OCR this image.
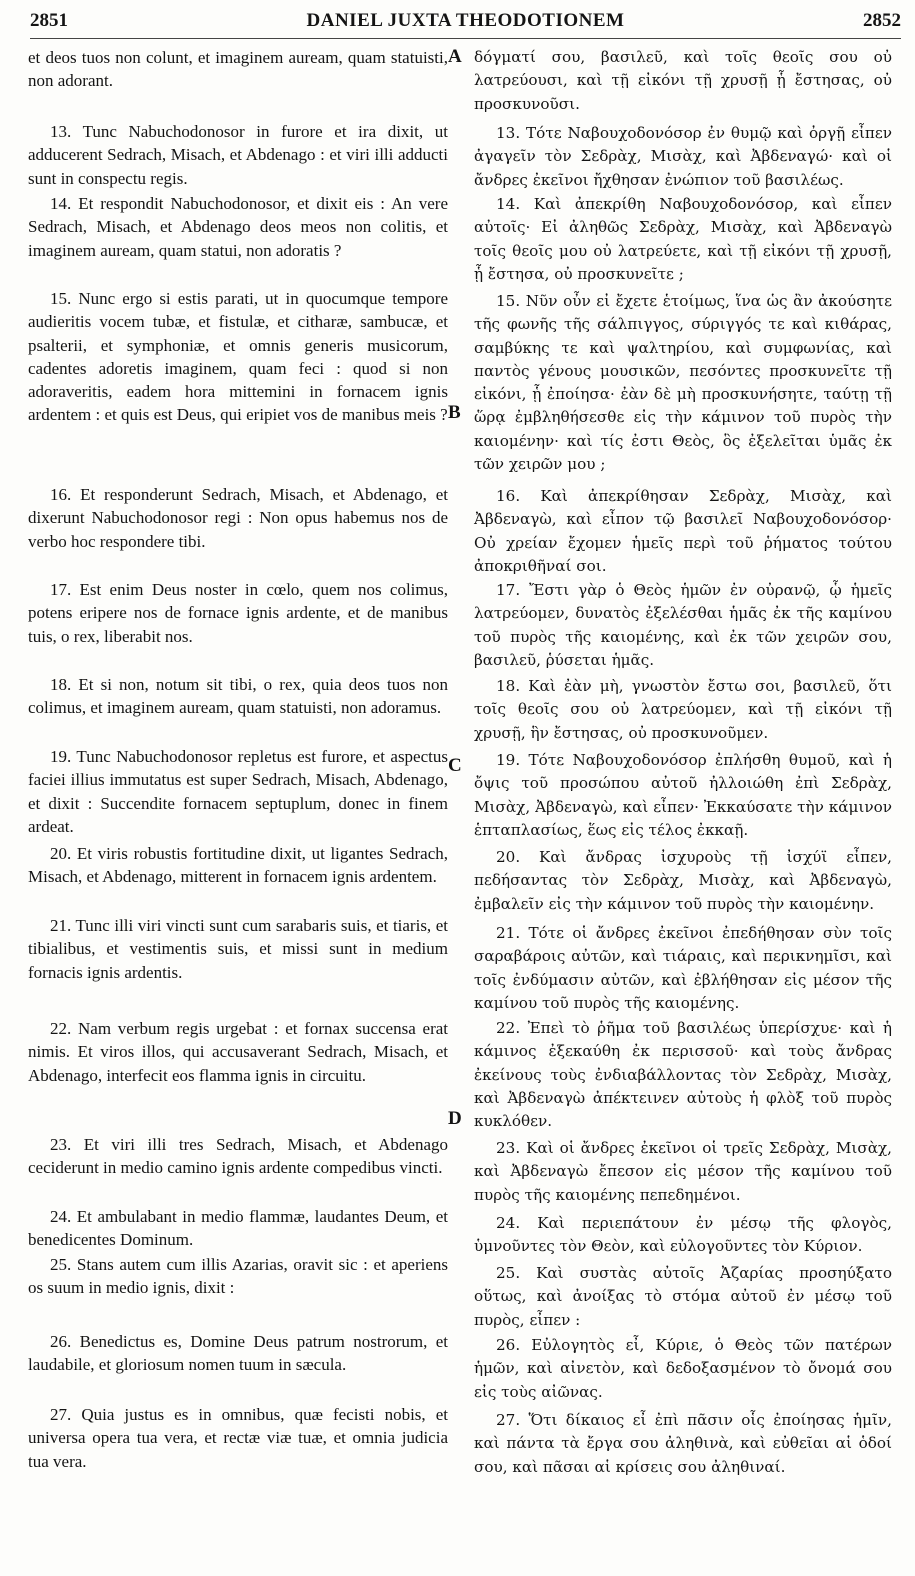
2851	DANIEL JUXTA THEODOTIONEM	2852
A
B
C
D

et deos tuos non colunt, et imaginem auream, quam statuisti, non adorant.

13. Tunc Nabuchodonosor in furore et ira dixit, ut adducerent Sedrach, Misach, et Abdenago : et viri illi adducti sunt in conspectu regis.

14. Et respondit Nabuchodonosor, et dixit eis : An vere Sedrach, Misach, et Abdenago deos meos non colitis, et imaginem auream, quam statui, non adoratis ?

15. Nunc ergo si estis parati, ut in quocumque tempore audieritis vocem tubæ, et fistulæ, et citharæ, sambucæ, et psalterii, et symphoniæ, et omnis generis musicorum, cadentes adoretis imaginem, quam feci : quod si non adoraveritis, eadem hora mittemini in fornacem ignis ardentem : et quis est Deus, qui eripiet vos de manibus meis ?

16. Et responderunt Sedrach, Misach, et Abdenago, et dixerunt Nabuchodonosor regi : Non opus habemus nos de verbo hoc respondere tibi.

17. Est enim Deus noster in cœlo, quem nos colimus, potens eripere nos de fornace ignis ardente, et de manibus tuis, o rex, liberabit nos.

18. Et si non, notum sit tibi, o rex, quia deos tuos non colimus, et imaginem auream, quam statuisti, non adoramus.

19. Tunc Nabuchodonosor repletus est furore, et aspectus faciei illius immutatus est super Sedrach, Misach, Abdenago, et dixit : Succendite fornacem septuplum, donec in finem ardeat.

20. Et viris robustis fortitudine dixit, ut ligantes Sedrach, Misach, et Abdenago, mitterent in fornacem ignis ardentem.

21. Tunc illi viri vincti sunt cum sarabaris suis, et tiaris, et tibialibus, et vestimentis suis, et missi sunt in medium fornacis ignis ardentis.

22. Nam verbum regis urgebat : et fornax succensa erat nimis. Et viros illos, qui accusaverant Sedrach, Misach, et Abdenago, interfecit eos flamma ignis in circuitu.

23. Et viri illi tres Sedrach, Misach, et Abdenago ceciderunt in medio camino ignis ardente compedibus vincti.

24. Et ambulabant in medio flammæ, laudantes Deum, et benedicentes Dominum.

25. Stans autem cum illis Azarias, oravit sic : et aperiens os suum in medio ignis, dixit :

26. Benedictus es, Domine Deus patrum nostrorum, et laudabile, et gloriosum nomen tuum in sæcula.

27. Quia justus es in omnibus, quæ fecisti nobis, et universa opera tua vera, et rectæ viæ tuæ, et omnia judicia tua vera.

δόγματί σου, βασιλεῦ, καὶ τοῖς θεοῖς σου οὐ λατρεύουσι, καὶ τῇ εἰκόνι τῇ χρυσῇ ᾗ ἔστησας, οὐ προσκυνοῦσι.

13. Τότε Ναβουχοδονόσορ ἐν θυμῷ καὶ ὀργῇ εἶπεν ἀγαγεῖν τὸν Σεδρὰχ, Μισὰχ, καὶ Ἀβδεναγώ· καὶ οἱ ἄνδρες ἐκεῖνοι ἤχθησαν ἐνώπιον τοῦ βασιλέως.

14. Καὶ ἀπεκρίθη Ναβουχοδονόσορ, καὶ εἶπεν αὐτοῖς· Εἰ ἀληθῶς Σεδρὰχ, Μισὰχ, καὶ Ἀβδεναγὼ τοῖς θεοῖς μου οὐ λατρεύετε, καὶ τῇ εἰκόνι τῇ χρυσῇ, ᾗ ἔστησα, οὐ προσκυνεῖτε ;

15. Νῦν οὖν εἰ ἔχετε ἑτοίμως, ἵνα ὡς ἂν ἀκούσητε τῆς φωνῆς τῆς σάλπιγγος, σύριγγός τε καὶ κιθάρας, σαμβύκης τε καὶ ψαλτηρίου, καὶ συμφωνίας, καὶ παντὸς γένους μουσικῶν, πεσόντες προσκυνεῖτε τῇ εἰκόνι, ᾗ ἐποίησα· ἐὰν δὲ μὴ προσκυνήσητε, ταύτῃ τῇ ὥρᾳ ἐμβληθήσεσθε εἰς τὴν κάμινον τοῦ πυρὸς τὴν καιομένην· καὶ τίς ἐστι Θεὸς, ὃς ἐξελεῖται ὑμᾶς ἐκ τῶν χειρῶν μου ;

16. Καὶ ἀπεκρίθησαν Σεδρὰχ, Μισὰχ, καὶ Ἀβδεναγὼ, καὶ εἶπον τῷ βασιλεῖ Ναβουχοδονόσορ· Οὐ χρείαν ἔχομεν ἡμεῖς περὶ τοῦ ῥήματος τούτου ἀποκριθῆναί σοι.

17. Ἔστι γὰρ ὁ Θεὸς ἡμῶν ἐν οὐρανῷ, ᾧ ἡμεῖς λατρεύομεν, δυνατὸς ἐξελέσθαι ἡμᾶς ἐκ τῆς καμίνου τοῦ πυρὸς τῆς καιομένης, καὶ ἐκ τῶν χειρῶν σου, βασιλεῦ, ῥύσεται ἡμᾶς.

18. Καὶ ἐὰν μὴ, γνωστὸν ἔστω σοι, βασιλεῦ, ὅτι τοῖς θεοῖς σου οὐ λατρεύομεν, καὶ τῇ εἰκόνι τῇ χρυσῇ, ἣν ἔστησας, οὐ προσκυνοῦμεν.

19. Τότε Ναβουχοδονόσορ ἐπλήσθη θυμοῦ, καὶ ἡ ὄψις τοῦ προσώπου αὐτοῦ ἠλλοιώθη ἐπὶ Σεδρὰχ, Μισὰχ, Ἀβδεναγὼ, καὶ εἶπεν· Ἐκκαύσατε τὴν κάμινον ἑπταπλασίως, ἕως εἰς τέλος ἐκκαῇ.

20. Καὶ ἄνδρας ἰσχυροὺς τῇ ἰσχύϊ εἶπεν, πεδήσαντας τὸν Σεδρὰχ, Μισὰχ, καὶ Ἀβδεναγὼ, ἐμβαλεῖν εἰς τὴν κάμινον τοῦ πυρὸς τὴν καιομένην.

21. Τότε οἱ ἄνδρες ἐκεῖνοι ἐπεδήθησαν σὺν τοῖς σαραβάροις αὐτῶν, καὶ τιάραις, καὶ περικνημῖσι, καὶ τοῖς ἐνδύμασιν αὐτῶν, καὶ ἐβλήθησαν εἰς μέσον τῆς καμίνου τοῦ πυρὸς τῆς καιομένης.

22. Ἐπεὶ τὸ ῥῆμα τοῦ βασιλέως ὑπερίσχυε· καὶ ἡ κάμινος ἐξεκαύθη ἐκ περισσοῦ· καὶ τοὺς ἄνδρας ἐκείνους τοὺς ἐνδιαβάλλοντας τὸν Σεδρὰχ, Μισὰχ, καὶ Ἀβδεναγὼ ἀπέκτεινεν αὐτοὺς ἡ φλὸξ τοῦ πυρὸς κυκλόθεν.

23. Καὶ οἱ ἄνδρες ἐκεῖνοι οἱ τρεῖς Σεδρὰχ, Μισὰχ, καὶ Ἀβδεναγὼ ἔπεσον εἰς μέσον τῆς καμίνου τοῦ πυρὸς τῆς καιομένης πεπεδημένοι.

24. Καὶ περιεπάτουν ἐν μέσῳ τῆς φλογὸς, ὑμνοῦντες τὸν Θεὸν, καὶ εὐλογοῦντες τὸν Κύριον.

25. Καὶ συστὰς αὐτοῖς Ἀζαρίας προσηύξατο οὕτως, καὶ ἀνοίξας τὸ στόμα αὐτοῦ ἐν μέσῳ τοῦ πυρὸς, εἶπεν :

26. Εὐλογητὸς εἶ, Κύριε, ὁ Θεὸς τῶν πατέρων ἡμῶν, καὶ αἰνετὸν, καὶ δεδοξασμένον τὸ ὄνομά σου εἰς τοὺς αἰῶνας.

27. Ὅτι δίκαιος εἶ ἐπὶ πᾶσιν οἷς ἐποίησας ἡμῖν, καὶ πάντα τὰ ἔργα σου ἀληθινὰ, καὶ εὐθεῖαι αἱ ὁδοί σου, καὶ πᾶσαι αἱ κρίσεις σου ἀληθιναί.
